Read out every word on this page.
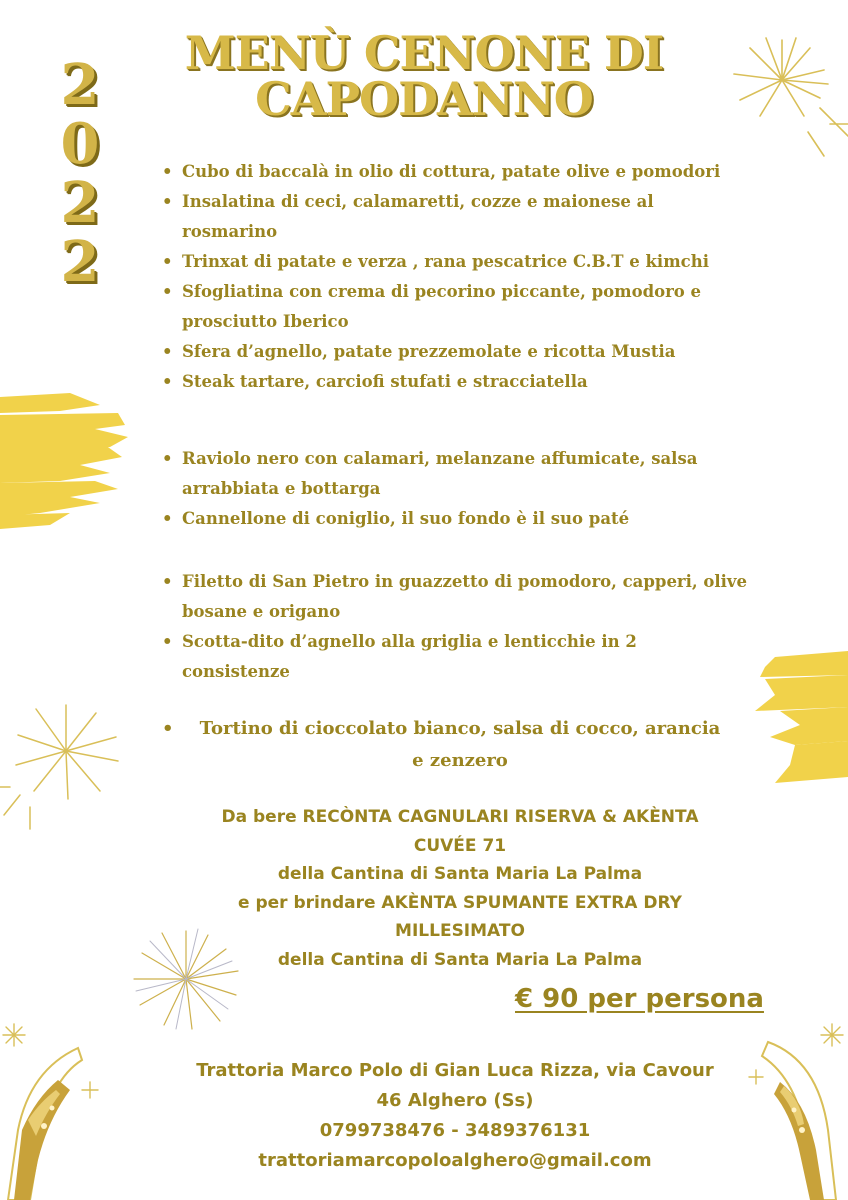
MENÙ CENONE DI
CAPODANNO
2
0
2
2
• Cubo di baccalà in olio di cottura, patate olive e pomodori
• Insalatina di ceci, calamaretti, cozze e maionese al rosmarino
• Trinxat di patate e verza , rana pescatrice C.B.T e kimchi
• Sfogliatina con crema di pecorino piccante, pomodoro e prosciutto Iberico
• Sfera d’agnello, patate prezzemolate e ricotta Mustia
• Steak tartare, carciofi stufati e stracciatella
• Raviolo nero con calamari, melanzane affumicate, salsa arrabbiata e bottarga
• Cannellone di coniglio, il suo fondo è il suo paté
• Filetto di San Pietro in guazzetto di pomodoro, capperi, olive bosane e origano
• Scotta-dito d’agnello alla griglia e lenticchie in 2 consistenze
•	Tortino di cioccolato bianco, salsa di cocco, arancia
e zenzero
Da bere RECÒNTA CAGNULARI RISERVA & AKÈNTA
CUVÉE 71
della Cantina di Santa Maria La Palma
e per brindare AKÈNTA SPUMANTE EXTRA DRY
MILLESIMATO
della Cantina di Santa Maria La Palma
€ 90 per persona
Trattoria Marco Polo di Gian Luca Rizza, via Cavour
46 Alghero (Ss)
0799738476 - 3489376131
trattoriamarcopoloalghero@gmail.com
